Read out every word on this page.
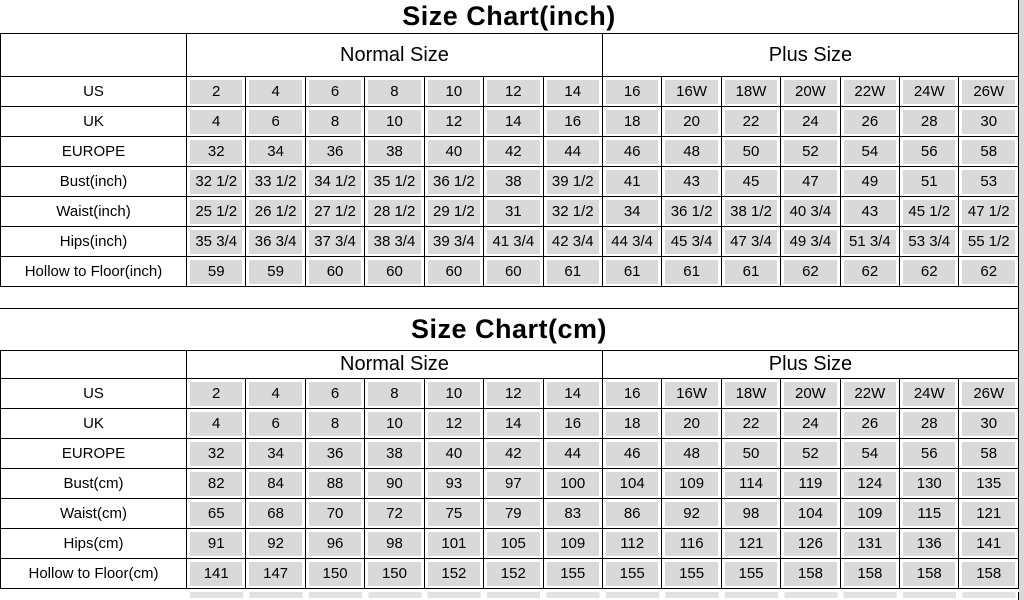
Size Chart(inch)
	Normal Size							Plus Size						
US	2	4	6	8	10	12	14	16	16W	18W	20W	22W	24W	26W

UK	4	6	8	10	12	14	16	18	20	22	24	26	28	30

EUROPE	32	34	36	38	40	42	44	46	48	50	52	54	56	58

Bust(inch)	32 1/2	33 1/2	34 1/2	35 1/2	36 1/2	38	39 1/2	41	43	45	47	49	51	53

Waist(inch)	25 1/2	26 1/2	27 1/2	28 1/2	29 1/2	31	32 1/2	34	36 1/2	38 1/2	40 3/4	43	45 1/2	47 1/2

Hips(inch)	35 3/4	36 3/4	37 3/4	38 3/4	39 3/4	41 3/4	42 3/4	44 3/4	45 3/4	47 3/4	49 3/4	51 3/4	53 3/4	55 1/2

Hollow to Floor(inch)	59	59	60	60	60	60	61	61	61	61	62	62	62	62
Size Chart(cm)
	Normal Size							Plus Size						
US	2	4	6	8	10	12	14	16	16W	18W	20W	22W	24W	26W

UK	4	6	8	10	12	14	16	18	20	22	24	26	28	30

EUROPE	32	34	36	38	40	42	44	46	48	50	52	54	56	58

Bust(cm)	82	84	88	90	93	97	100	104	109	114	119	124	130	135

Waist(cm)	65	68	70	72	75	79	83	86	92	98	104	109	115	121

Hips(cm)	91	92	96	98	101	105	109	112	116	121	126	131	136	141

Hollow to Floor(cm)	141	147	150	150	152	152	155	155	155	155	158	158	158	158
